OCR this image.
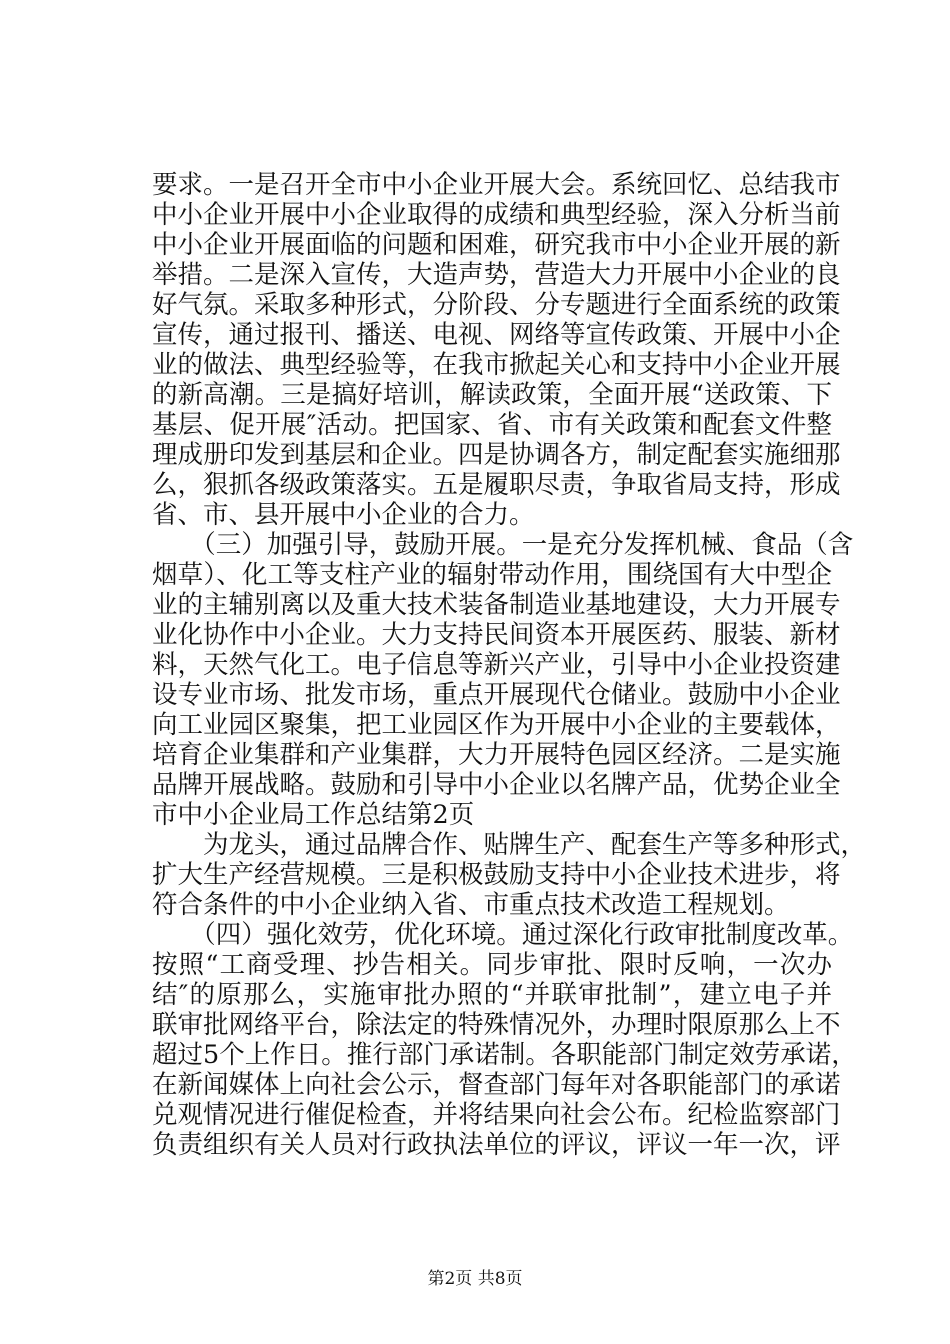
要求。一是召开全市中小企业开展大会。系统回忆、总结我市
中小企业开展中小企业取得的成绩和典型经验，深入分析当前
中小企业开展面临的问题和困难，研究我市中小企业开展的新
举措。二是深入宣传，大造声势，营造大力开展中小企业的良
好气氛。采取多种形式，分阶段、分专题进行全面系统的政策
宣传，通过报刊、播送、电视、网络等宣传政策、开展中小企
业的做法、典型经验等，在我市掀起关心和支持中小企业开展
的新高潮。三是搞好培训，解读政策，全面开展“送政策、下
基层、促开展″活动。把国家、省、市有关政策和配套文件整
理成册印发到基层和企业。四是协调各方，制定配套实施细那
么，狠抓各级政策落实。五是履职尽责，争取省局支持，形成
省、市、县开展中小企业的合力。
　　（三）加强引导，鼓励开展。一是充分发挥机械、食品（含
烟草）、化工等支柱产业的辐射带动作用，围绕国有大中型企
业的主辅别离以及重大技术装备制造业基地建设，大力开展专
业化协作中小企业。大力支持民间资本开展医药、服装、新材
料，天然气化工。电子信息等新兴产业，引导中小企业投资建
设专业市场、批发市场，重点开展现代仓储业。鼓励中小企业
向工业园区聚集，把工业园区作为开展中小企业的主要载体，
培育企业集群和产业集群，大力开展特色园区经济。二是实施
品牌开展战略。鼓励和引导中小企业以名牌产品，优势企业全
市中小企业局工作总结第2页
　　为龙头，通过品牌合作、贴牌生产、配套生产等多种形式，
扩大生产经营规模。三是积极鼓励支持中小企业技术进步，将
符合条件的中小企业纳入省、市重点技术改造工程规划。
　　（四）强化效劳，优化环境。通过深化行政审批制度改革。
按照“工商受理、抄告相关。同步审批、限时反响，一次办
结″的原那么，实施审批办照的“并联审批制”，建立电子并
联审批网络平台，除法定的特殊情况外，办理时限原那么上不
超过5个上作日。推行部门承诺制。各职能部门制定效劳承诺，
在新闻媒体上向社会公示，督查部门每年对各职能部门的承诺
兑观情况进行催促检查，并将结果向社会公布。纪检监察部门
负责组织有关人员对行政执法单位的评议，评议一年一次，评
第2页 共8页
